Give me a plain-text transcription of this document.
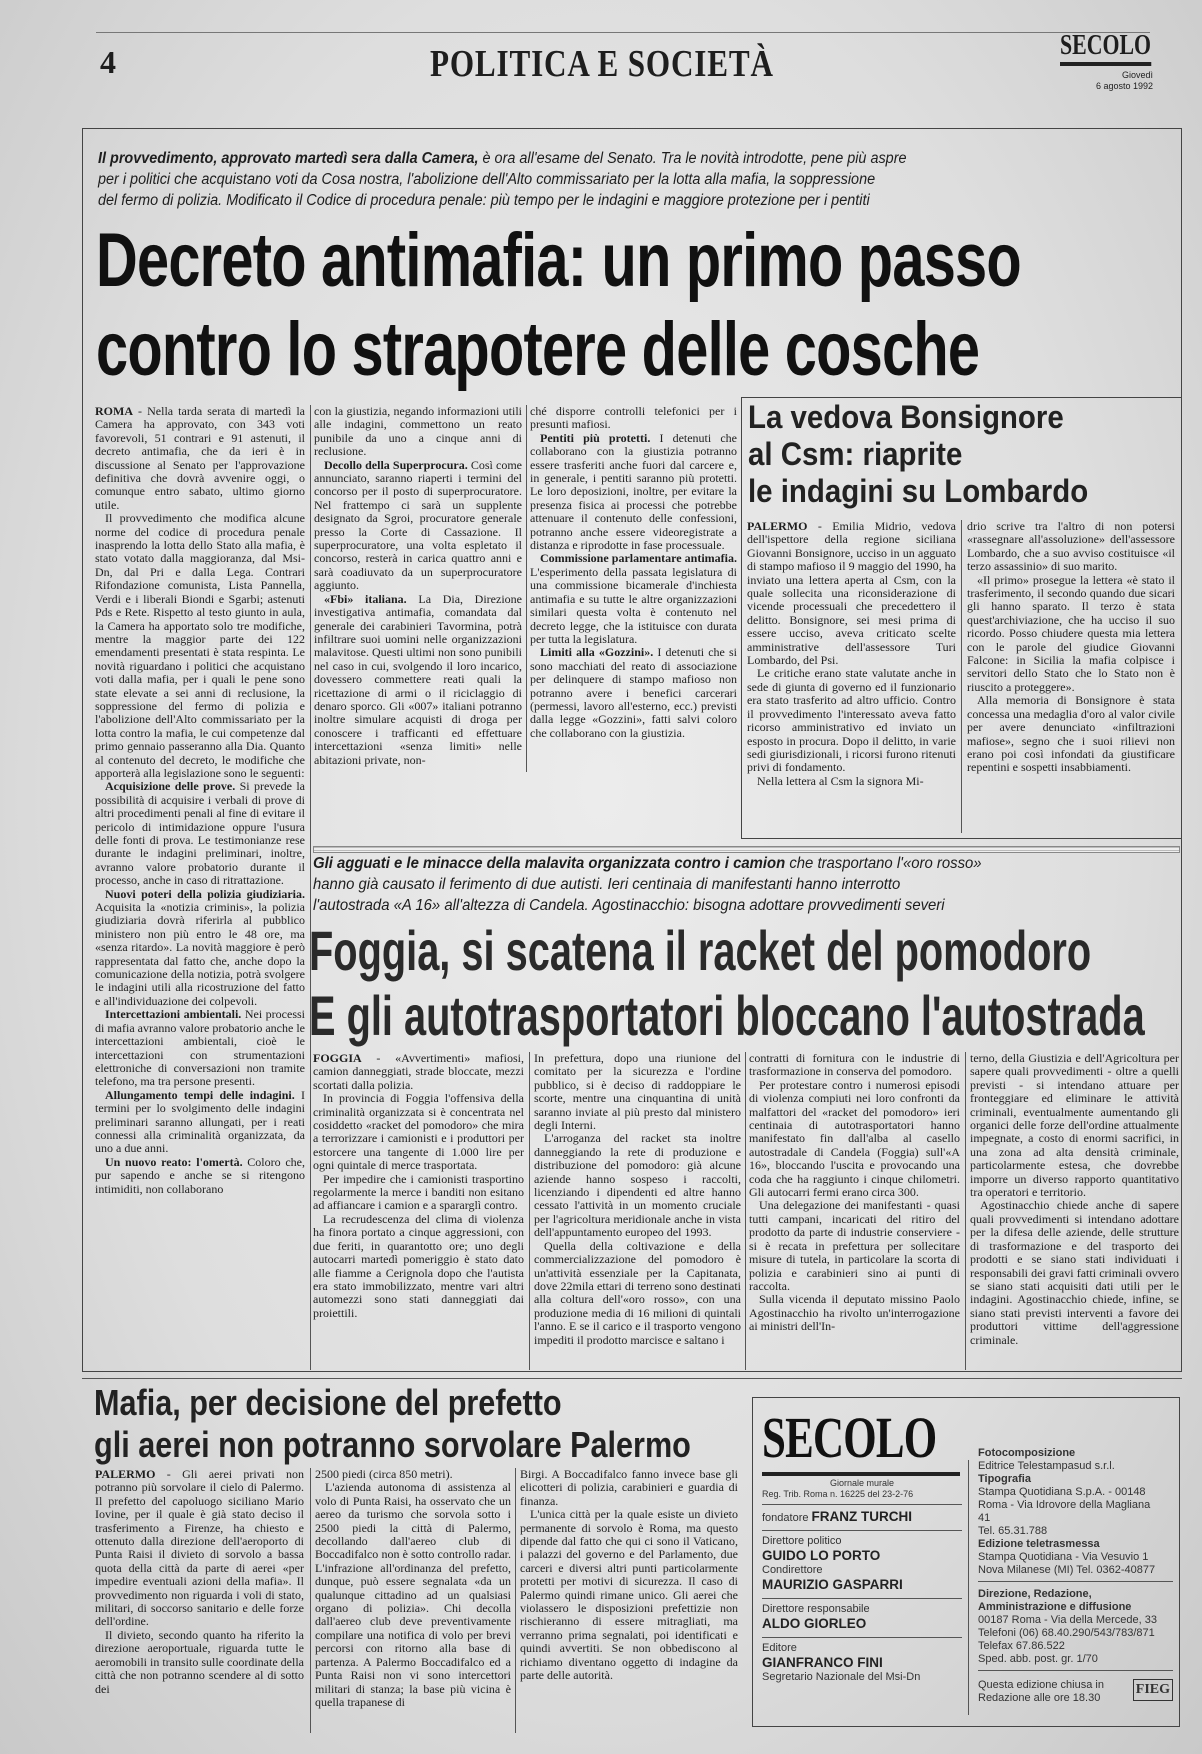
4	POLITICA E SOCIETÀ	SECOLO
Giovedì
6 agosto 1992
Il provvedimento, approvato martedì sera dalla Camera, è ora all'esame del Senato. Tra le novità introdotte, pene più aspre
per i politici che acquistano voti da Cosa nostra, l'abolizione dell'Alto commissariato per la lotta alla mafia, la soppressione
del fermo di polizia. Modificato il Codice di procedura penale: più tempo per le indagini e maggiore protezione per i pentiti
Decreto antimafia: un primo passo
contro lo strapotere delle cosche

ROMA - Nella tarda serata di martedì la Camera ha approvato, con 343 voti favorevoli, 51 contrari e 91 astenuti, il decreto antimafia, che da ieri è in discussione al Senato per l'approvazione definitiva che dovrà avvenire oggi, o comunque entro sabato, ultimo giorno utile.

Il provvedimento che modifica alcune norme del codice di procedura penale inasprendo la lotta dello Stato alla mafia, è stato votato dalla maggioranza, dal Msi-Dn, dal Pri e dalla Lega. Contrari Rifondazione comunista, Lista Pannella, Verdi e i liberali Biondi e Sgarbi; astenuti Pds e Rete. Rispetto al testo giunto in aula, la Camera ha apportato solo tre modifiche, mentre la maggior parte dei 122 emendamenti presentati è stata respinta. Le novità riguardano i politici che acquistano voti dalla mafia, per i quali le pene sono state elevate a sei anni di reclusione, la soppressione del fermo di polizia e l'abolizione dell'Alto commissariato per la lotta contro la mafia, le cui competenze dal primo gennaio passeranno alla Dia. Quanto al contenuto del decreto, le modifiche che apporterà alla legislazione sono le seguenti:

Acquisizione delle prove. Si prevede la possibilità di acquisire i verbali di prove di altri procedimenti penali al fine di evitare il pericolo di intimidazione oppure l'usura delle fonti di prova. Le testimonianze rese durante le indagini preliminari, inoltre, avranno valore probatorio durante il processo, anche in caso di ritrattazione.

Nuovi poteri della polizia giudiziaria. Acquisita la «notizia criminis», la polizia giudiziaria dovrà riferirla al pubblico ministero non più entro le 48 ore, ma «senza ritardo». La novità maggiore è però rappresentata dal fatto che, anche dopo la comunicazione della notizia, potrà svolgere le indagini utili alla ricostruzione del fatto e all'individuazione dei colpevoli.

Intercettazioni ambientali. Nei processi di mafia avranno valore probatorio anche le intercettazioni ambientali, cioè le intercettazioni con strumentazioni elettroniche di conversazioni non tramite telefono, ma tra persone presenti.

Allungamento tempi delle indagini. I termini per lo svolgimento delle indagini preliminari saranno allungati, per i reati connessi alla criminalità organizzata, da uno a due anni.

Un nuovo reato: l'omertà. Coloro che, pur sapendo e anche se si ritengono intimiditi, non collaborano

con la giustizia, negando informazioni utili alle indagini, commettono un reato punibile da uno a cinque anni di reclusione.

Decollo della Superprocura. Così come annunciato, saranno riaperti i termini del concorso per il posto di superprocuratore. Nel frattempo ci sarà un supplente designato da Sgroi, procuratore generale presso la Corte di Cassazione. Il superprocuratore, una volta espletato il concorso, resterà in carica quattro anni e sarà coadiuvato da un superprocuratore aggiunto.

«Fbi» italiana. La Dia, Direzione investigativa antimafia, comandata dal generale dei carabinieri Tavormina, potrà infiltrare suoi uomini nelle organizzazioni malavitose. Questi ultimi non sono punibili nel caso in cui, svolgendo il loro incarico, dovessero commettere reati quali la ricettazione di armi o il riciclaggio di denaro sporco. Gli «007» italiani potranno inoltre simulare acquisti di droga per conoscere i trafficanti ed effettuare intercettazioni «senza limiti» nelle abitazioni private, non-

ché disporre controlli telefonici per i presunti mafiosi.

Pentiti più protetti. I detenuti che collaborano con la giustizia potranno essere trasferiti anche fuori dal carcere e, in generale, i pentiti saranno più protetti. Le loro deposizioni, inoltre, per evitare la presenza fisica ai processi che potrebbe attenuare il contenuto delle confessioni, potranno anche essere videoregistrate a distanza e riprodotte in fase processuale.

Commissione parlamentare antimafia. L'esperimento della passata legislatura di una commissione bicamerale d'inchiesta antimafia e su tutte le altre organizzazioni similari questa volta è contenuto nel decreto legge, che la istituisce con durata per tutta la legislatura.

Limiti alla «Gozzini». I detenuti che si sono macchiati del reato di associazione per delinquere di stampo mafioso non potranno avere i benefici carcerari (permessi, lavoro all'esterno, ecc.) previsti dalla legge «Gozzini», fatti salvi coloro che collaborano con la giustizia.

La vedova Bonsignore
al Csm: riaprite
le indagini su Lombardo

PALERMO - Emilia Midrio, vedova dell'ispettore della regione siciliana Giovanni Bonsignore, ucciso in un agguato di stampo mafioso il 9 maggio del 1990, ha inviato una lettera aperta al Csm, con la quale sollecita una riconsiderazione di vicende processuali che precedettero il delitto. Bonsignore, sei mesi prima di essere ucciso, aveva criticato scelte amministrative dell'assessore Turi Lombardo, del Psi.

Le critiche erano state valutate anche in sede di giunta di governo ed il funzionario era stato trasferito ad altro ufficio. Contro il provvedimento l'interessato aveva fatto ricorso amministrativo ed inviato un esposto in procura. Dopo il delitto, in varie sedi giurisdizionali, i ricorsi furono ritenuti privi di fondamento.

Nella lettera al Csm la signora Mi-

drio scrive tra l'altro di non potersi «rassegnare all'assoluzione» dell'assessore Lombardo, che a suo avviso costituisce «il terzo assassinio» di suo marito.

«Il primo» prosegue la lettera «è stato il trasferimento, il secondo quando due sicari gli hanno sparato. Il terzo è stata quest'archiviazione, che ha ucciso il suo ricordo. Posso chiudere questa mia lettera con le parole del giudice Giovanni Falcone: in Sicilia la mafia colpisce i servitori dello Stato che lo Stato non è riuscito a proteggere».

Alla memoria di Bonsignore è stata concessa una medaglia d'oro al valor civile per avere denunciato «infiltrazioni mafiose», segno che i suoi rilievi non erano poi così infondati da giustificare repentini e sospetti insabbiamenti.

Gli agguati e le minacce della malavita organizzata contro i camion che trasportano l'«oro rosso»
hanno già causato il ferimento di due autisti. Ieri centinaia di manifestanti hanno interrotto
l'autostrada «A 16» all'altezza di Candela. Agostinacchio: bisogna adottare provvedimenti severi
Foggia, si scatena il racket del pomodoro
E gli autotrasportatori bloccano l'autostrada

FOGGIA - «Avvertimenti» mafiosi, camion danneggiati, strade bloccate, mezzi scortati dalla polizia.

In provincia di Foggia l'offensiva della criminalità organizzata si è concentrata nel cosiddetto «racket del pomodoro» che mira a terrorizzare i camionisti e i produttori per estorcere una tangente di 1.000 lire per ogni quintale di merce trasportata.

Per impedire che i camionisti trasportino regolarmente la merce i banditi non esitano ad affiancare i camion e a spararglì contro.

La recrudescenza del clima di violenza ha finora portato a cinque aggressioni, con due feriti, in quarantotto ore; uno degli autocarri martedì pomeriggio è stato dato alle fiamme a Cerignola dopo che l'autista era stato immobilizzato, mentre vari altri automezzi sono stati danneggiati dai proiettili.

In prefettura, dopo una riunione del comitato per la sicurezza e l'ordine pubblico, si è deciso di raddoppiare le scorte, mentre una cinquantina di unità saranno inviate al più presto dal ministero degli Interni.

L'arroganza del racket sta inoltre danneggiando la rete di produzione e distribuzione del pomodoro: già alcune aziende hanno sospeso i raccolti, licenziando i dipendenti ed altre hanno cessato l'attività in un momento cruciale per l'agricoltura meridionale anche in vista dell'appuntamento europeo del 1993.

Quella della coltivazione e della commercializzazione del pomodoro è un'attività essenziale per la Capitanata, dove 22mila ettari di terreno sono destinati alla coltura dell'«oro rosso», con una produzione media di 16 milioni di quintali l'anno. E se il carico e il trasporto vengono impediti il prodotto marcisce e saltano i

contratti di fornitura con le industrie di trasformazione in conserva del pomodoro.

Per protestare contro i numerosi episodi di violenza compiuti nei loro confronti da malfattori del «racket del pomodoro» ieri centinaia di autotrasportatori hanno manifestato fin dall'alba al casello autostradale di Candela (Foggia) sull'«A 16», bloccando l'uscita e provocando una coda che ha raggiunto i cinque chilometri. Gli autocarri fermi erano circa 300.

Una delegazione dei manifestanti - quasi tutti campani, incaricati del ritiro del prodotto da parte di industrie conserviere - si è recata in prefettura per sollecitare misure di tutela, in particolare la scorta di polizia e carabinieri sino ai punti di raccolta.

Sulla vicenda il deputato missino Paolo Agostinacchio ha rivolto un'interrogazione ai ministri dell'In-

terno, della Giustizia e dell'Agricoltura per sapere quali provvedimenti - oltre a quelli previsti - si intendano attuare per fronteggiare ed eliminare le attività criminali, eventualmente aumentando gli organici delle forze dell'ordine attualmente impegnate, a costo di enormi sacrifici, in una zona ad alta densità criminale, particolarmente estesa, che dovrebbe imporre un diverso rapporto quantitativo tra operatori e territorio.

Agostinacchio chiede anche di sapere quali provvedimenti si intendano adottare per la difesa delle aziende, delle strutture di trasformazione e del trasporto dei prodotti e se siano stati individuati i responsabili dei gravi fatti criminali ovvero se siano stati acquisiti dati utili per le indagini. Agostinacchio chiede, infine, se siano stati previsti interventi a favore dei produttori vittime dell'aggressione criminale.

Mafia, per decisione del prefetto
gli aerei non potranno sorvolare Palermo

PALERMO - Gli aerei privati non potranno più sorvolare il cielo di Palermo. Il prefetto del capoluogo siciliano Mario Iovine, per il quale è già stato deciso il trasferimento a Firenze, ha chiesto e ottenuto dalla direzione dell'aeroporto di Punta Raisi il divieto di sorvolo a bassa quota della città da parte di aerei «per impedire eventuali azioni della mafia». Il provvedimento non riguarda i voli di stato, militari, di soccorso sanitario e delle forze dell'ordine.

Il divieto, secondo quanto ha riferito la direzione aeroportuale, riguarda tutte le aeromobili in transito sulle coordinate della città che non potranno scendere al di sotto dei

2500 piedi (circa 850 metri).

L'azienda autonoma di assistenza al volo di Punta Raisi, ha osservato che un aereo da turismo che sorvola sotto i 2500 piedi la città di Palermo, decollando dall'aereo club di Boccadifalco non è sotto controllo radar. L'infrazione all'ordinanza del prefetto, dunque, può essere segnalata «da un qualunque cittadino ad un qualsiasi organo di polizia». Chi decolla dall'aereo club deve preventivamente compilare una notifica di volo per brevi percorsi con ritorno alla base di partenza. A Palermo Boccadifalco ed a Punta Raisi non vi sono intercettori militari di stanza; la base più vicina è quella trapanese di

Birgi. A Boccadifalco fanno invece base gli elicotteri di polizia, carabinieri e guardia di finanza.

L'unica città per la quale esiste un divieto permanente di sorvolo è Roma, ma questo dipende dal fatto che qui ci sono il Vaticano, i palazzi del governo e del Parlamento, due carceri e diversi altri punti particolarmente protetti per motivi di sicurezza. Il caso di Palermo quindi rimane unico. Gli aerei che violassero le disposizioni prefettizie non rischieranno di essere mitragliati, ma verranno prima segnalati, poi identificati e quindi avvertiti. Se non obbediscono al richiamo diventano oggetto di indagine da parte delle autorità.

SECOLO
Giornale murale
Reg. Trib. Roma n. 16225 del 23-2-76
fondatore FRANZ TURCHI
Direttore politico
GUIDO LO PORTO
Condirettore
MAURIZIO GASPARRI
Direttore responsabile
ALDO GIORLEO
Editore
GIANFRANCO FINI
Segretario Nazionale del Msi-Dn
Fotocomposizione
Editrice Telestampasud s.r.l.
Tipografia
Stampa Quotidiana S.p.A. - 00148
Roma - Via Idrovore della Magliana
41
Tel. 65.31.788
Edizione teletrasmessa
Stampa Quotidiana - Via Vesuvio 1
Nova Milanese (MI) Tel. 0362-40877
Direzione, Redazione, Amministrazione e diffusione
00187 Roma - Via della Mercede, 33
Telefoni (06) 68.40.290/543/783/871
Telefax 67.86.522
Sped. abb. post. gr. 1/70
Questa edizione chiusa in
Redazione alle ore 18.30
FIEG
